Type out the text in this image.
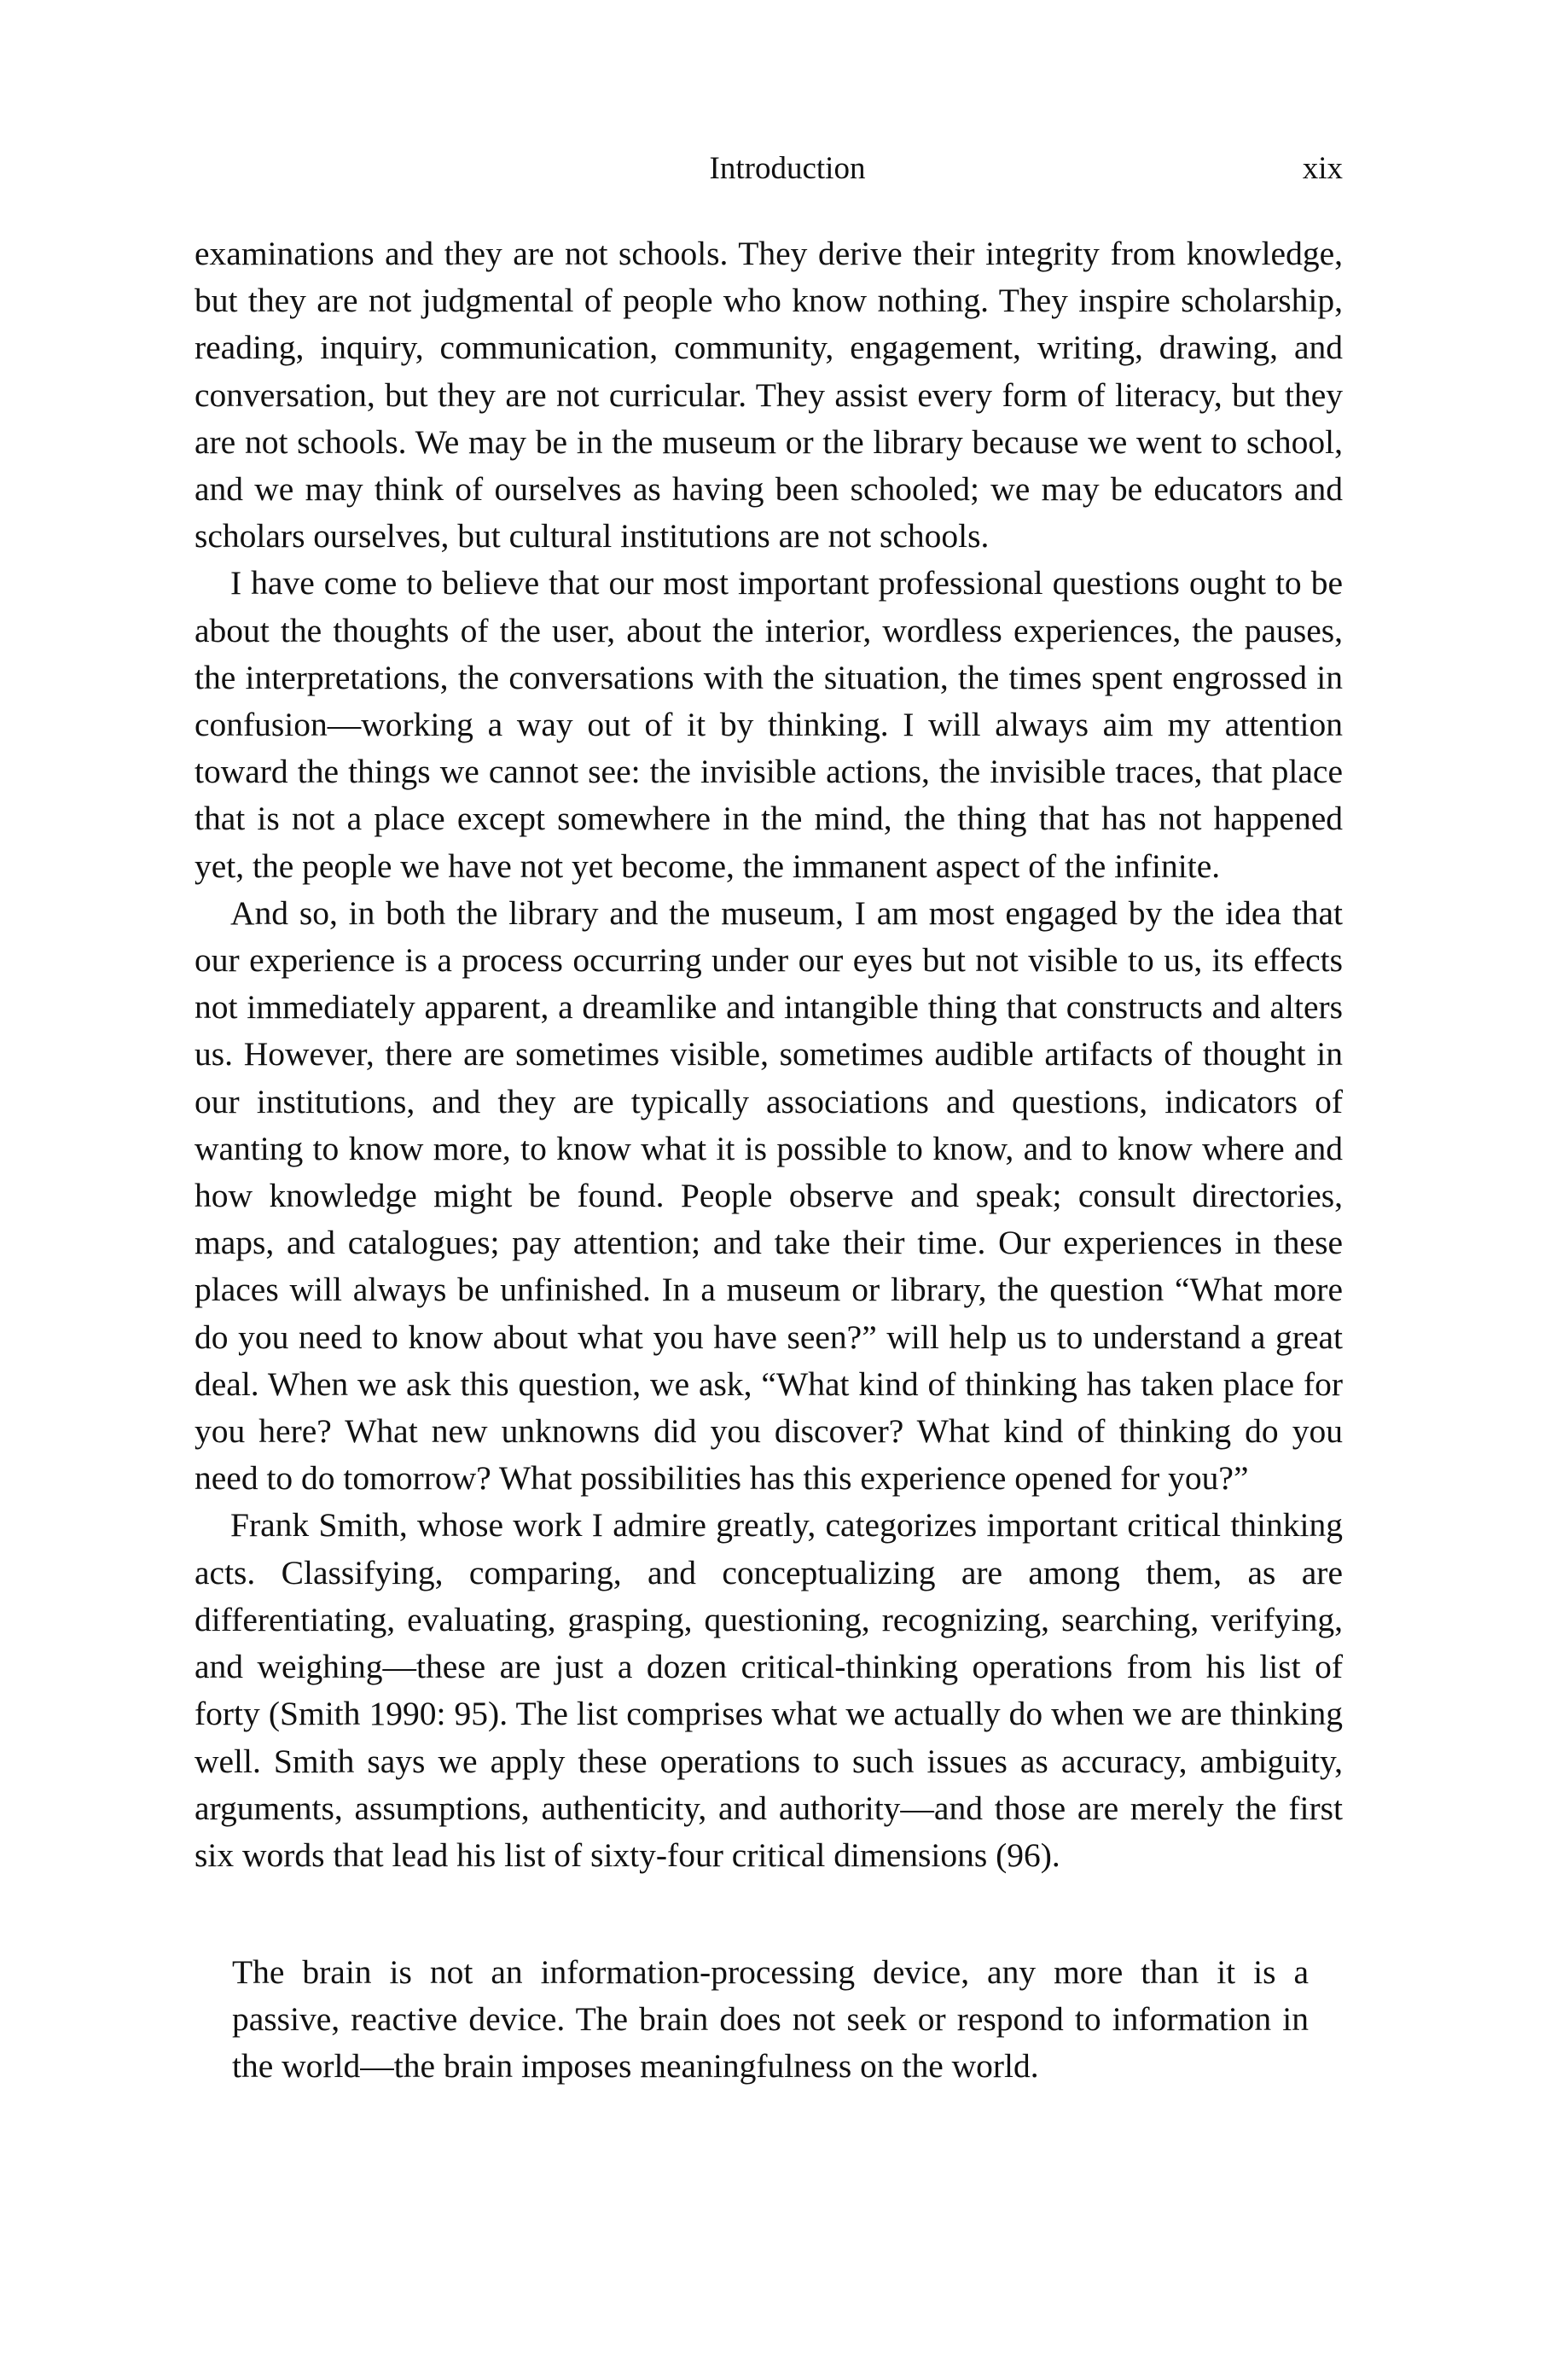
Introduction	xix

examinations and they are not schools. They derive their integrity from knowledge, but they are not judgmental of people who know nothing. They inspire scholarship, reading, inquiry, communication, community, engagement, writing, drawing, and conversation, but they are not curricular. They assist every form of literacy, but they are not schools. We may be in the museum or the library because we went to school, and we may think of ourselves as having been schooled; we may be educators and scholars ourselves, but cultural institutions are not schools.

I have come to believe that our most important professional questions ought to be about the thoughts of the user, about the interior, wordless experiences, the pauses, the interpretations, the conversations with the situation, the times spent engrossed in confusion—working a way out of it by thinking. I will always aim my attention toward the things we cannot see: the invisible actions, the invisible traces, that place that is not a place except somewhere in the mind, the thing that has not happened yet, the people we have not yet become, the immanent aspect of the infinite.

And so, in both the library and the museum, I am most engaged by the idea that our experience is a process occurring under our eyes but not visible to us, its effects not immediately apparent, a dreamlike and intangible thing that constructs and alters us. However, there are sometimes visible, sometimes audible artifacts of thought in our institutions, and they are typically associations and questions, indicators of wanting to know more, to know what it is possible to know, and to know where and how knowledge might be found. People observe and speak; consult directories, maps, and catalogues; pay attention; and take their time. Our experiences in these places will always be unfinished. In a museum or library, the question “What more do you need to know about what you have seen?” will help us to understand a great deal. When we ask this question, we ask, “What kind of thinking has taken place for you here? What new unknowns did you discover? What kind of thinking do you need to do tomorrow? What possibilities has this experience opened for you?”

Frank Smith, whose work I admire greatly, categorizes important critical thinking acts. Classifying, comparing, and conceptualizing are among them, as are differentiating, evaluating, grasping, questioning, recognizing, searching, verifying, and weighing—these are just a dozen critical-thinking operations from his list of forty (Smith 1990: 95). The list comprises what we actually do when we are thinking well. Smith says we apply these operations to such issues as accuracy, ambiguity, arguments, assumptions, authenticity, and authority—and those are merely the first six words that lead his list of sixty-four critical dimensions (96).

The brain is not an information-processing device, any more than it is a passive, reactive device. The brain does not seek or respond to information in the world—the brain imposes meaningfulness on the world.
